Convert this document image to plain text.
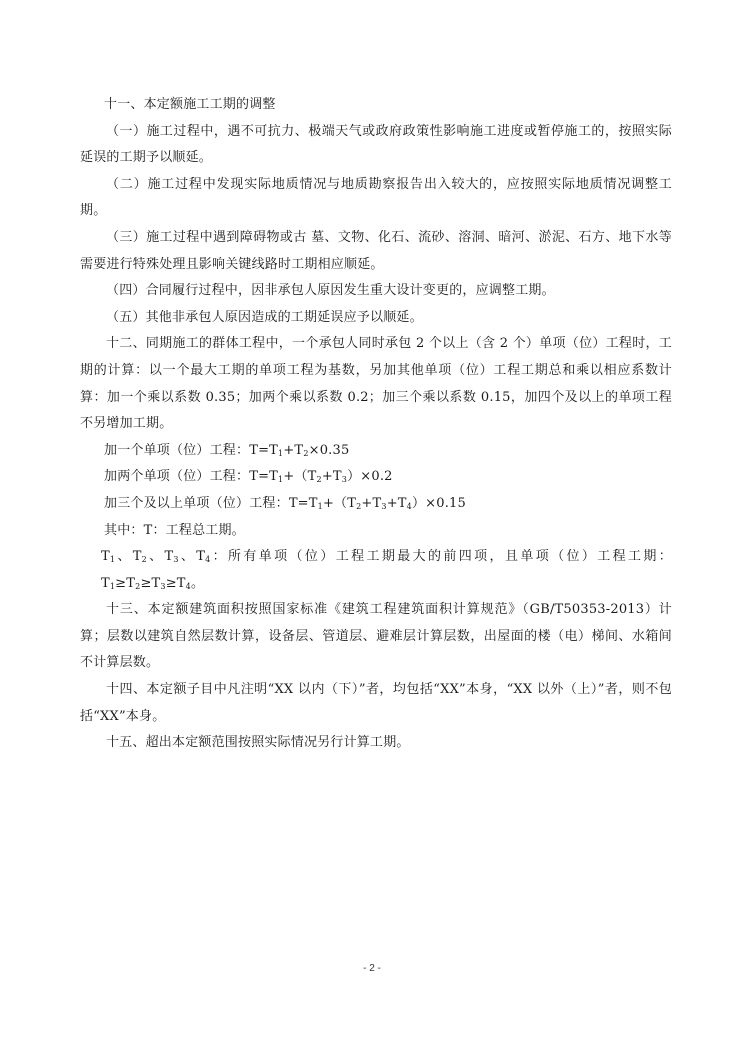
十一、本定额施工工期的调整

（一）施工过程中，遇不可抗力、极端天气或政府政策性影响施工进度或暂停施工的，按照实际延误的工期予以顺延。

（二）施工过程中发现实际地质情况与地质勘察报告出入较大的，应按照实际地质情况调整工期。

（三）施工过程中遇到障碍物或古 墓、文物、化石、流砂、溶洞、暗河、淤泥、石方、地下水等需要进行特殊处理且影响关键线路时工期相应顺延。

（四）合同履行过程中，因非承包人原因发生重大设计变更的，应调整工期。

（五）其他非承包人原因造成的工期延误应予以顺延。

十二、同期施工的群体工程中，一个承包人同时承包 2 个以上（含 2 个）单项（位）工程时，工期的计算：以一个最大工期的单项工程为基数，另加其他单项（位）工程工期总和乘以相应系数计算：加一个乘以系数 0.35；加两个乘以系数 0.2；加三个乘以系数 0.15，加四个及以上的单项工程不另增加工期。

加一个单项（位）工程：$T=T_1+T_2\times 0.35$

加两个单项（位）工程：$T=T_1+(T_2+T_3)\times 0.2$

加三个及以上单项（位）工程：$T=T_1+(T_2+T_3+T_4)\times 0.15$

其中：T：工程总工期。

$T_1$、$T_2$、$T_3$、$T_4$：所有单项（位）工程工期最大的前四项，且单项（位）工程工期：$T_1\ge T_2\ge T_3\ge T_4$。

十三、本定额建筑面积按照国家标准《建筑工程建筑面积计算规范》（GB/T50353-2013）计算；层数以建筑自然层数计算，设备层、管道层、避难层计算层数，出屋面的楼（电）梯间、水箱间不计算层数。

十四、本定额子目中凡注明“XX 以内（下）”者，均包括“XX”本身，“XX 以外（上）”者，则不包括“XX”本身。

十五、超出本定额范围按照实际情况另行计算工期。

- 2 -
